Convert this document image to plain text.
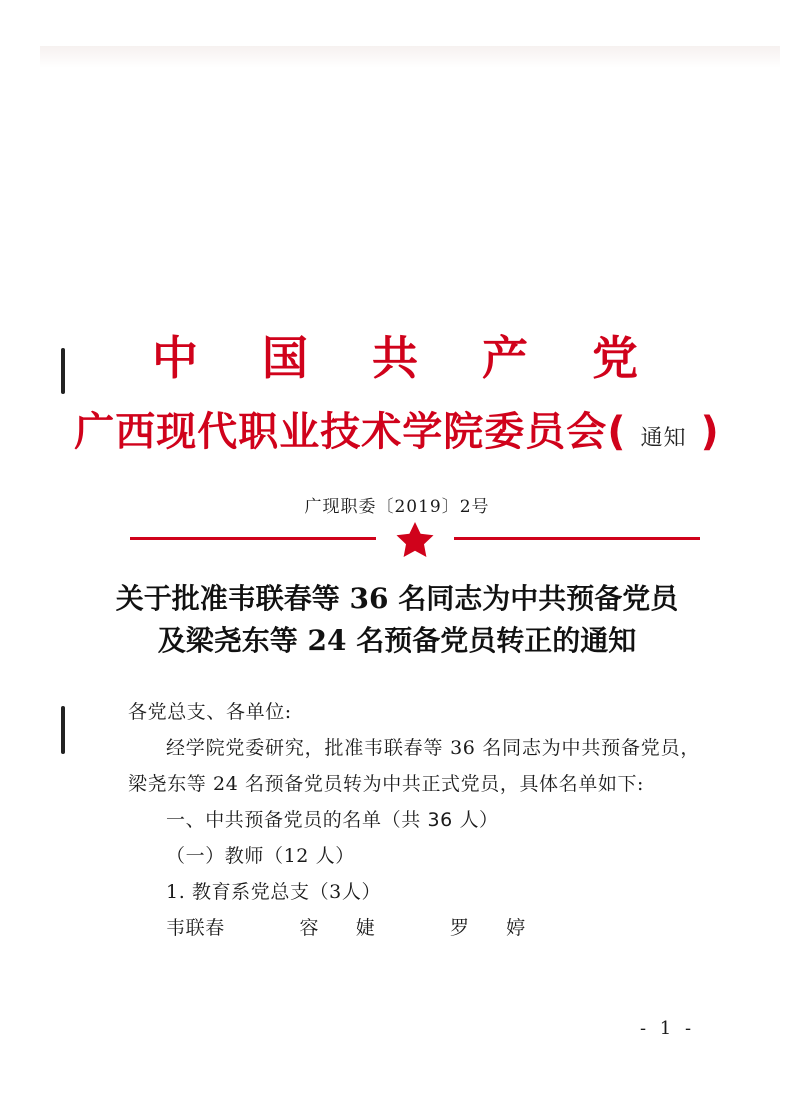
中 国 共 产 党
广西现代职业技术学院委员会( 通知 )
广现职委〔2019〕2号
关于批准韦联春等 36 名同志为中共预备党员
及梁尧东等 24 名预备党员转正的通知

各党总支、各单位:

经学院党委研究，批准韦联春等 36 名同志为中共预备党员，梁尧东等 24 名预备党员转为中共正式党员，具体名单如下:

一、中共预备党员的名单（共 36 人）

（一）教师（12 人）

1. 教育系党总支（3人）

韦联春	容 婕	罗 婷

- 1 -
